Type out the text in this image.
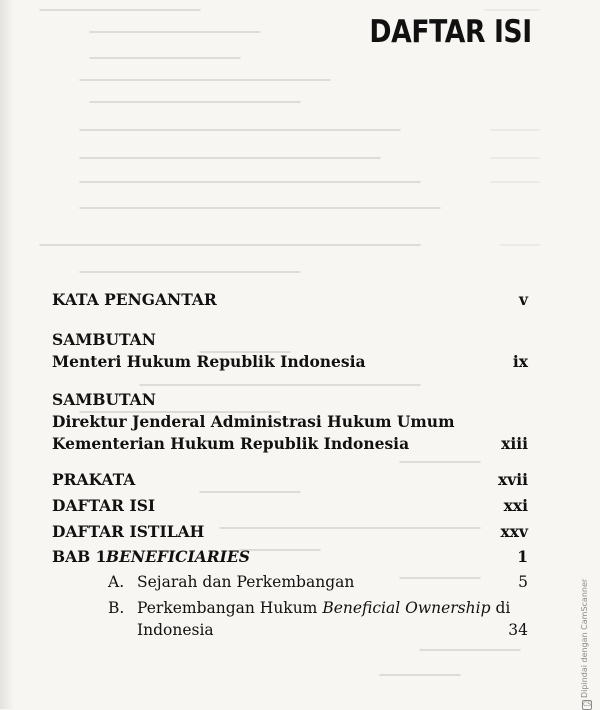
DAFTAR ISI
KATA PENGANTAR	v
SAMBUTAN
Menteri Hukum Republik Indonesia	ix
SAMBUTAN
Direktur Jenderal Administrasi Hukum Umum
Kementerian Hukum Republik Indonesia	xiii
PRAKATA	xvii
DAFTAR ISI	xxi
DAFTAR ISTILAH	xxv
BAB 1 BENEFICIARIES	1
A. Sejarah dan Perkembangan	5
B. Perkembangan Hukum Beneficial Ownership di
Indonesia	34	Dipindai dengan CamScanner
CS
